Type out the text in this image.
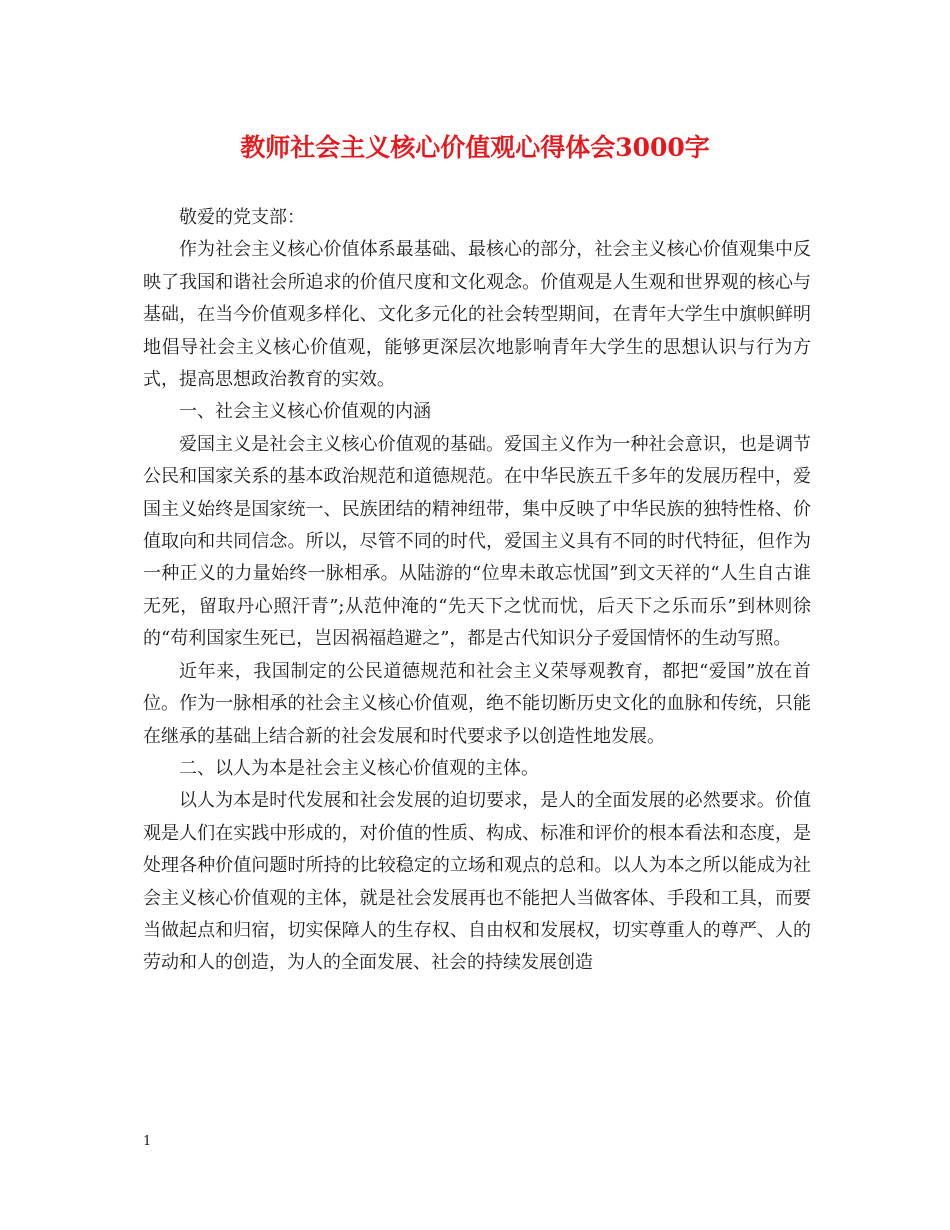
教师社会主义核心价值观心得体会3000字

敬爱的党支部：

作为社会主义核心价值体系最基础、最核心的部分，社会主义核心价值观集中反映了我国和谐社会所追求的价值尺度和文化观念。价值观是人生观和世界观的核心与基础，在当今价值观多样化、文化多元化的社会转型期间，在青年大学生中旗帜鲜明地倡导社会主义核心价值观，能够更深层次地影响青年大学生的思想认识与行为方式，提高思想政治教育的实效。

一、社会主义核心价值观的内涵

爱国主义是社会主义核心价值观的基础。爱国主义作为一种社会意识，也是调节公民和国家关系的基本政治规范和道德规范。在中华民族五千多年的发展历程中，爱国主义始终是国家统一、民族团结的精神纽带，集中反映了中华民族的独特性格、价值取向和共同信念。所以，尽管不同的时代，爱国主义具有不同的时代特征，但作为一种正义的力量始终一脉相承。从陆游的“位卑未敢忘忧国”到文天祥的“人生自古谁无死，留取丹心照汗青”;从范仲淹的“先天下之忧而忧，后天下之乐而乐”到林则徐的“苟利国家生死已，岂因祸福趋避之”，都是古代知识分子爱国情怀的生动写照。

近年来，我国制定的公民道德规范和社会主义荣辱观教育，都把“爱国”放在首位。作为一脉相承的社会主义核心价值观，绝不能切断历史文化的血脉和传统，只能在继承的基础上结合新的社会发展和时代要求予以创造性地发展。

二、以人为本是社会主义核心价值观的主体。

以人为本是时代发展和社会发展的迫切要求，是人的全面发展的必然要求。价值观是人们在实践中形成的，对价值的性质、构成、标准和评价的根本看法和态度，是处理各种价值问题时所持的比较稳定的立场和观点的总和。以人为本之所以能成为社会主义核心价值观的主体，就是社会发展再也不能把人当做客体、手段和工具，而要当做起点和归宿，切实保障人的生存权、自由权和发展权，切实尊重人的尊严、人的劳动和人的创造，为人的全面发展、社会的持续发展创造

1
